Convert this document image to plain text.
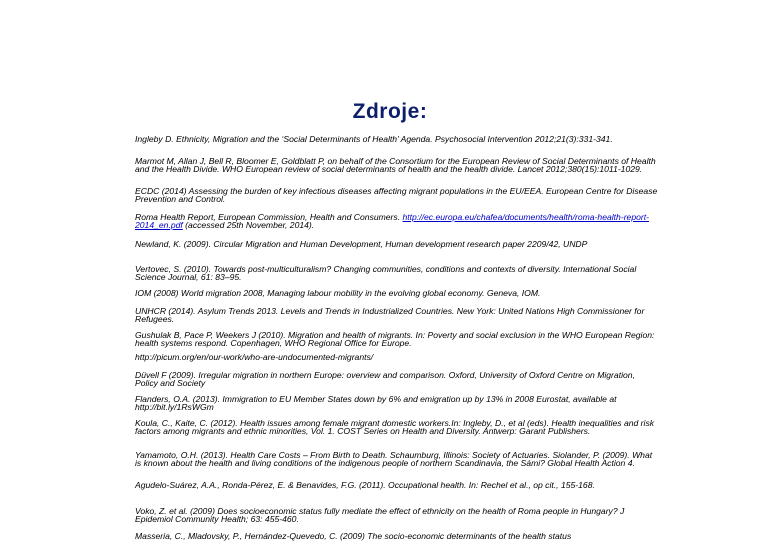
Zdroje:

Ingleby D. Ethnicity, Migration and the ‘Social Determinants of Health’ Agenda. Psychosocial Intervention 2012;21(3):331-341.

Marmot M, Allan J, Bell R, Bloomer E, Goldblatt P, on behalf of the Consortium for the European Review of Social Determinants of Health and the Health Divide. WHO European review of social determinants of health and the health divide. Lancet 2012;380(15):1011-1029.

ECDC (2014) Assessing the burden of key infectious diseases affecting migrant populations in the EU/EEA. European Centre for Disease Prevention and Control.

Roma Health Report, European Commission, Health and Consumers. http://ec.europa.eu/chafea/documents/health/roma-health-report-2014_en.pdf (accessed 25th November, 2014).

Newland, K. (2009). Circular Migration and Human Development, Human development research paper 2209/42, UNDP

Vertovec, S. (2010). Towards post-multiculturalism? Changing communities, conditions and contexts of diversity. International Social Science Journal, 61: 83–95.

IOM (2008) World migration 2008, Managing labour mobility in the evolving global economy. Geneva, IOM.

UNHCR (2014). Asylum Trends 2013. Levels and Trends in Industrialized Countries. New York: United Nations High Commissioner for Refugees.

Gushulak B, Pace P, Weekers J (2010). Migration and health of migrants. In: Poverty and social exclusion in the WHO European Region: health systems respond. Copenhagen, WHO Regional Office for Europe.

http://picum.org/en/our-work/who-are-undocumented-migrants/

Düvell F (2009). Irregular migration in northern Europe: overview and comparison. Oxford, University of Oxford Centre on Migration, Policy and Society

Flanders, O.A. (2013). Immigration to EU Member States down by 6% and emigration up by 13% in 2008 Eurostat, available at http://bit.ly/1RsWGm

Koula, C., Kaite, C. (2012). Health issues among female migrant domestic workers.In: Ingleby, D., et al (eds). Health inequalities and risk factors among migrants and ethnic minorities, Vol. 1. COST Series on Health and Diversity. Antwerp: Garant Publishers.

Yamamoto, O.H. (2013). Health Care Costs – From Birth to Death. Schaumburg, Illinois: Society of Actuaries. Siolander, P. (2009). What is known about the health and living conditions of the indigenous people of northern Scandinavia, the Sámi? Global Health Action 4.

Agudelo-Suárez, A.A., Ronda-Pérez, E. & Benavides, F.G. (2011). Occupational health. In: Rechel et al., op cit., 155-168.

Voko, Z. et al. (2009) Does socioeconomic status fully mediate the effect of ethnicity on the health of Roma people in Hungary? J Epidemiol Community Health; 63: 455-460.

Masseria, C., Mladovsky, P., Hernández-Quevedo, C. (2009) The socio-economic determinants of the health status
